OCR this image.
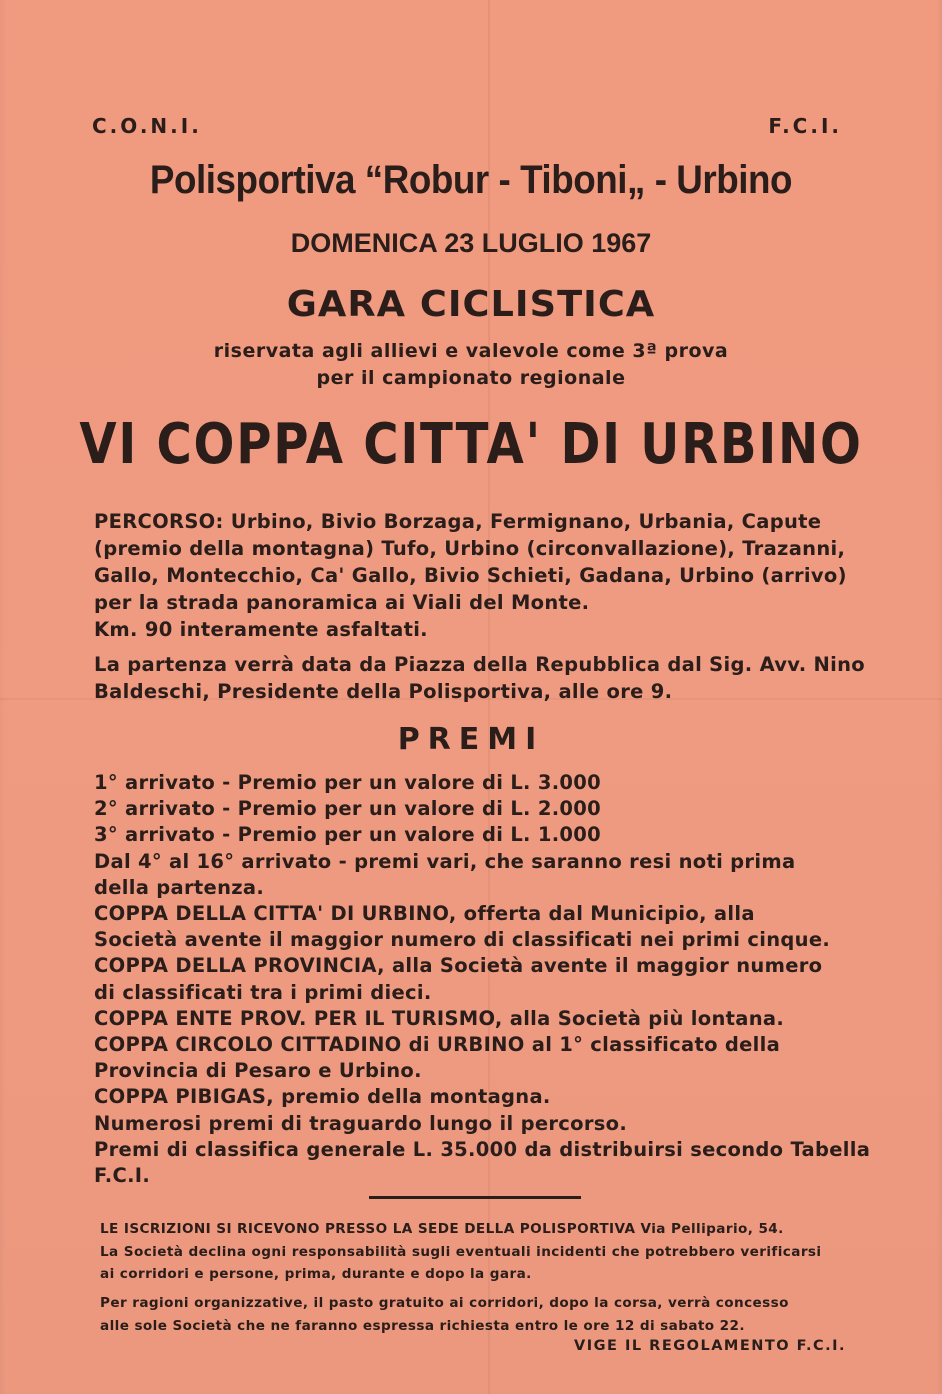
C.O.N.I.	F.C.I.

Polisportiva “Robur - Tiboni„ - Urbino
DOMENICA 23 LUGLIO 1967
GARA CICLISTICA

riservata agli allievi e valevole come 3ª prova

per il campionato regionale

VI COPPA CITTA' DI URBINO
PERCORSO: Urbino, Bivio Borzaga, Fermignano, Urbania, Capute
(premio della montagna) Tufo, Urbino (circonvallazione), Trazanni,
Gallo, Montecchio, Ca' Gallo, Bivio Schieti, Gadana, Urbino (arrivo)
per la strada panoramica ai Viali del Monte.
Km. 90 interamente asfaltati.
La partenza verrà data da Piazza della Repubblica dal Sig. Avv. Nino
Baldeschi, Presidente della Polisportiva, alle ore 9.
PREMI
1° arrivato - Premio per un valore di L. 3.000
2° arrivato - Premio per un valore di L. 2.000
3° arrivato - Premio per un valore di L. 1.000
Dal 4° al 16° arrivato - premi vari, che saranno resi noti prima
della partenza.
COPPA DELLA CITTA' DI URBINO, offerta dal Municipio, alla
Società avente il maggior numero di classificati nei primi cinque.
COPPA DELLA PROVINCIA, alla Società avente il maggior numero
di classificati tra i primi dieci.
COPPA ENTE PROV. PER IL TURISMO, alla Società più lontana.
COPPA CIRCOLO CITTADINO di URBINO al 1° classificato della
Provincia di Pesaro e Urbino.
COPPA PIBIGAS, premio della montagna.
Numerosi premi di traguardo lungo il percorso.
Premi di classifica generale L. 35.000 da distribuirsi secondo Tabella
F.C.I.
LE ISCRIZIONI SI RICEVONO PRESSO LA SEDE DELLA POLISPORTIVA Via Pellipario, 54.
La Società declina ogni responsabilità sugli eventuali incidenti che potrebbero verificarsi
ai corridori e persone, prima, durante e dopo la gara.
Per ragioni organizzative, il pasto gratuito ai corridori, dopo la corsa, verrà concesso
alle sole Società che ne faranno espressa richiesta entro le ore 12 di sabato 22.

VIGE IL REGOLAMENTO F.C.I.
